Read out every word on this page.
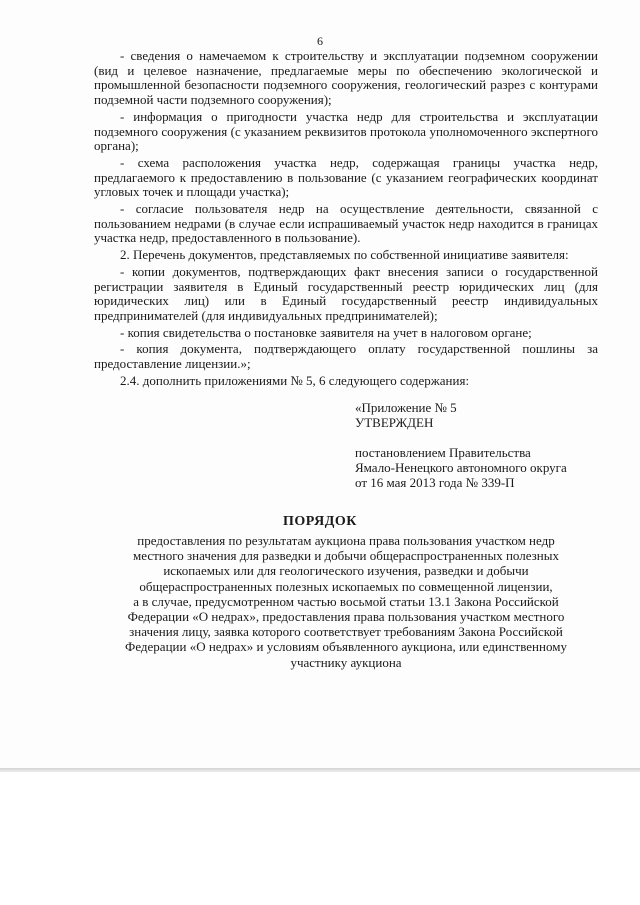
6

- сведения о намечаемом к строительству и эксплуатации подземном сооружении (вид и целевое назначение, предлагаемые меры по обеспечению экологической и промышленной безопасности подземного сооружения, геологический разрез с контурами подземной части подземного сооружения);

- информация о пригодности участка недр для строительства и эксплуатации подземного сооружения (с указанием реквизитов протокола уполномоченного экспертного органа);

- схема расположения участка недр, содержащая границы участка недр, предлагаемого к предоставлению в пользование (с указанием географических координат угловых точек и площади участка);

- согласие пользователя недр на осуществление деятельности, связанной с пользованием недрами (в случае если испрашиваемый участок недр находится в границах участка недр, предоставленного в пользование).

2. Перечень документов, представляемых по собственной инициативе заявителя:

- копии документов, подтверждающих факт внесения записи о государственной регистрации заявителя в Единый государственный реестр юридических лиц (для юридических лиц) или в Единый государственный реестр индивидуальных предпринимателей (для индивидуальных предпринимателей);

- копия свидетельства о постановке заявителя на учет в налоговом органе;

- копия документа, подтверждающего оплату государственной пошлины за предоставление лицензии.»;

2.4. дополнить приложениями № 5, 6 следующего содержания:

«Приложение № 5
УТВЕРЖДЕН
постановлением Правительства
Ямало-Ненецкого автономного округа
от 16 мая 2013 года № 339-П
ПОРЯДОК
предоставления по результатам аукциона права пользования участком недр
местного значения для разведки и добычи общераспространенных полезных
ископаемых или для геологического изучения, разведки и добычи
общераспространенных полезных ископаемых по совмещенной лицензии,
а в случае, предусмотренном частью восьмой статьи 13.1 Закона Российской
Федерации «О недрах», предоставления права пользования участком местного
значения лицу, заявка которого соответствует требованиям Закона Российской
Федерации «О недрах» и условиям объявленного аукциона, или единственному
участнику аукциона
